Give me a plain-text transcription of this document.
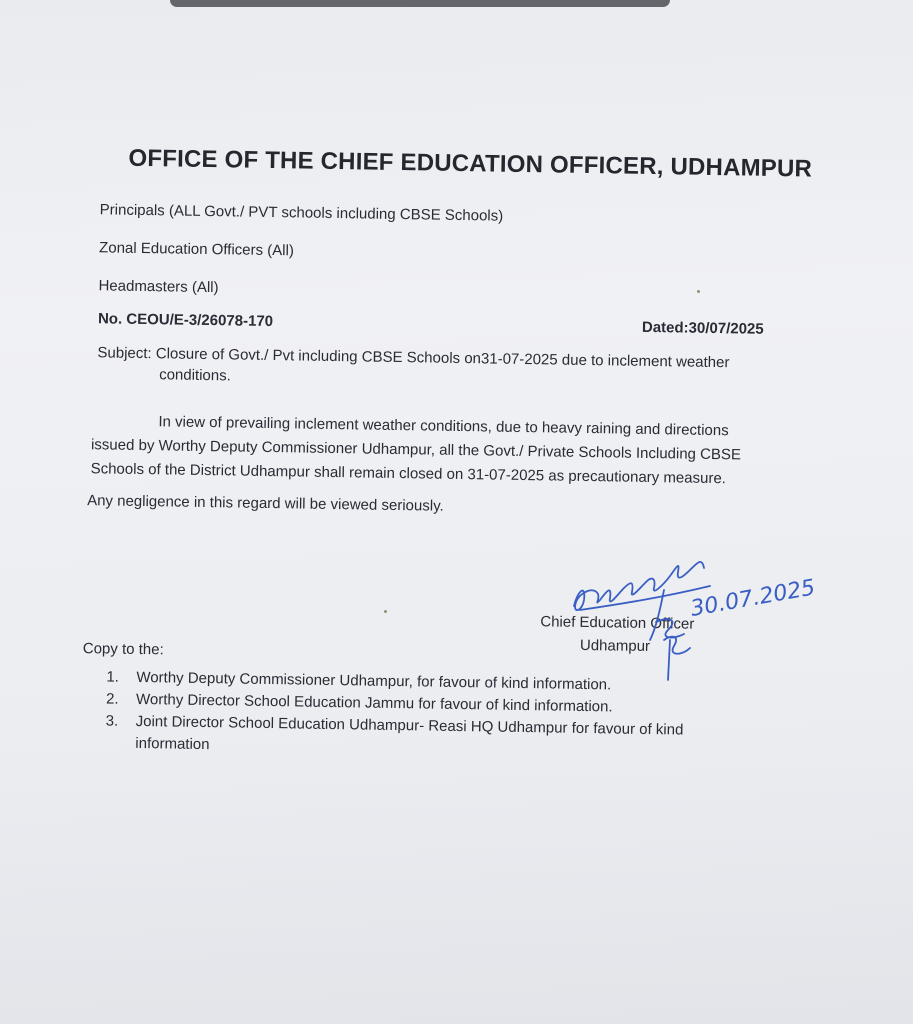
OFFICE OF THE CHIEF EDUCATION OFFICER, UDHAMPUR
Principals (ALL Govt./ PVT schools including CBSE Schools)
Zonal Education Officers (All)
Headmasters (All)
No. CEOU/E-3/26078-170	Dated:30/07/2025
Subject: Closure of Govt./ Pvt including CBSE Schools on31-07-2025 due to inclement weather
conditions.
In view of prevailing inclement weather conditions, due to heavy raining and directions
issued by Worthy Deputy Commissioner Udhampur, all the Govt./ Private Schools Including CBSE
Schools of the District Udhampur shall remain closed on 31-07-2025 as precautionary measure.
Any negligence in this regard will be viewed seriously.
Chief Education Officer
Udhampur
Copy to the:
1. Worthy Deputy Commissioner Udhampur, for favour of kind information.
2. Worthy Director School Education Jammu for favour of kind information.
3. Joint Director School Education Udhampur- Reasi HQ Udhampur for favour of kind information
30.07.2025
